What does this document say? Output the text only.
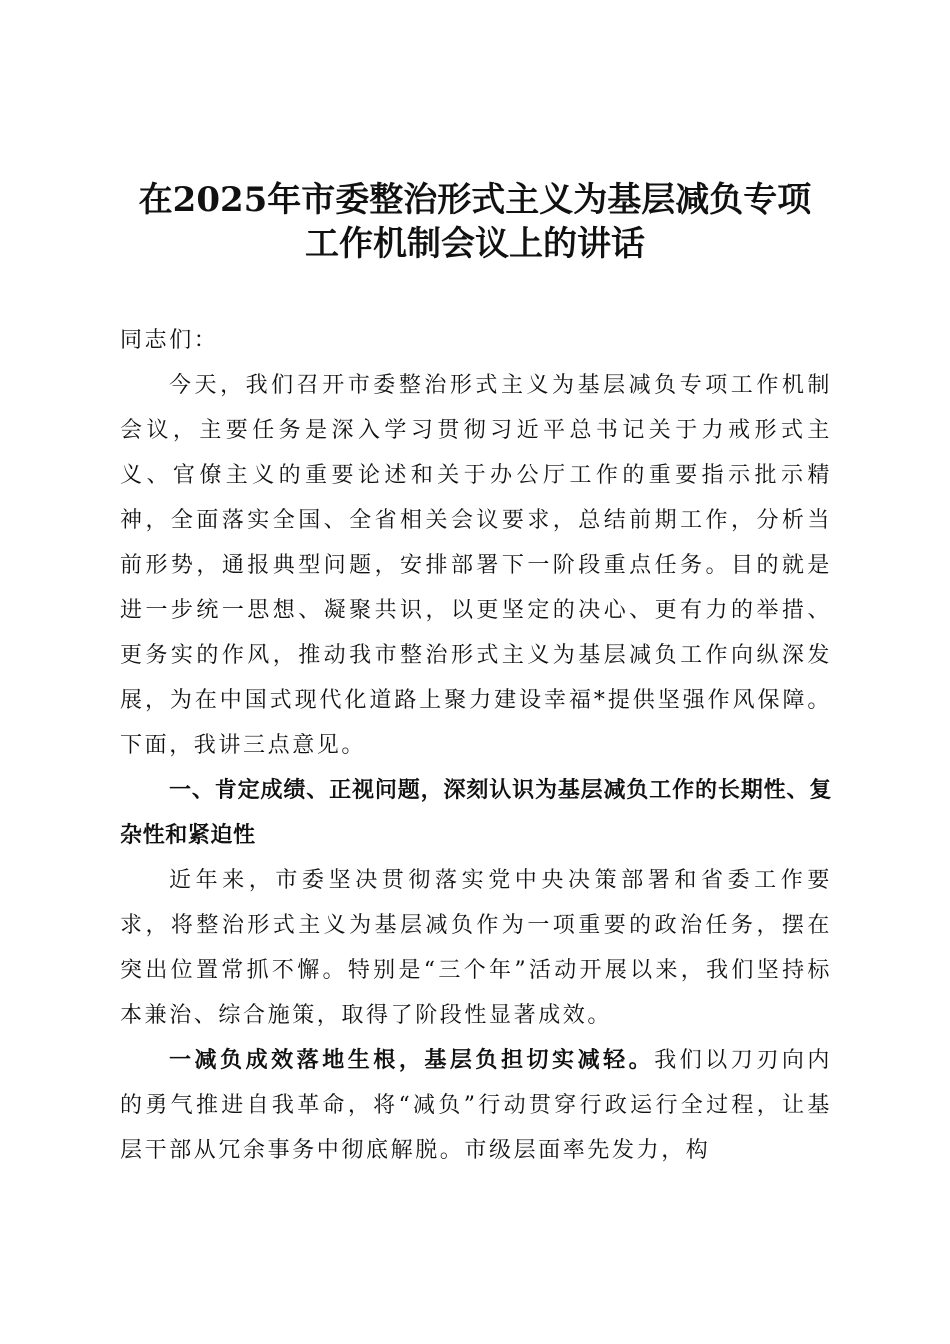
在2025年市委整治形式主义为基层减负专项
工作机制会议上的讲话

同志们：

今天，我们召开市委整治形式主义为基层减负专项工作机制会议，主要任务是深入学习贯彻习近平总书记关于力戒形式主义、官僚主义的重要论述和关于办公厅工作的重要指示批示精神，全面落实全国、全省相关会议要求，总结前期工作，分析当前形势，通报典型问题，安排部署下一阶段重点任务。目的就是进一步统一思想、凝聚共识，以更坚定的决心、更有力的举措、更务实的作风，推动我市整治形式主义为基层减负工作向纵深发展，为在中国式现代化道路上聚力建设幸福*提供坚强作风保障。下面，我讲三点意见。

一、肯定成绩、正视问题，深刻认识为基层减负工作的长期性、复杂性和紧迫性

近年来，市委坚决贯彻落实党中央决策部署和省委工作要求，将整治形式主义为基层减负作为一项重要的政治任务，摆在突出位置常抓不懈。特别是“三个年”活动开展以来，我们坚持标本兼治、综合施策，取得了阶段性显著成效。

一减负成效落地生根，基层负担切实减轻。我们以刀刃向内的勇气推进自我革命，将“减负”行动贯穿行政运行全过程，让基层干部从冗余事务中彻底解脱。市级层面率先发力，构
